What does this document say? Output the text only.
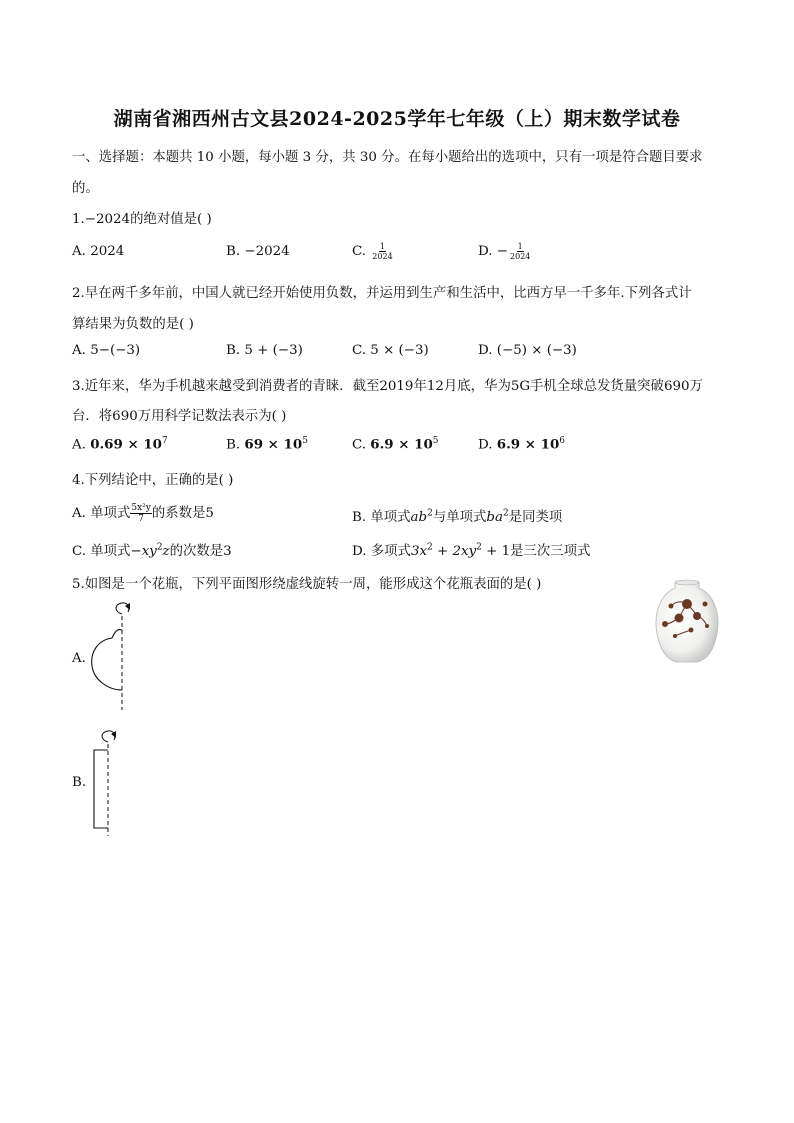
湖南省湘西州古文县2024-2025学年七年级（上）期末数学试卷
一、选择题：本题共 10 小题，每小题 3 分，共 30 分。在每小题给出的选项中，只有一项是符合题目要求
的。
1.−2024的绝对值是( )
A. 2024	B. −2024	C. $\frac{1}{2024}$	D. − $\frac{1}{2024}$
2.早在两千多年前，中国人就已经开始使用负数，并运用到生产和生活中，比西方早一千多年.下列各式计
算结果为负数的是( )
A. 5−(−3)	B. 5 + (−3)	C. 5 × (−3)	D. (−5) × (−3)
3.近年来，华为手机越来越受到消费者的青睐．截至2019年12月底，华为5G手机全球总发货量突破690万
台．将690万用科学记数法表示为( )
A. $0.69 \times 10^7$	B. $69 \times 10^5$	C. $6.9 \times 10^5$	D. $6.9 \times 10^6$
4.下列结论中，正确的是( )
A. 单项式 $\frac{\text{5x²y}}{7}$ 的系数是5	B. 单项式$ab^2$与单项式$ba^2$是同类项
C. 单项式$-xy^2z$的次数是3	D. 多项式$3x^2 + 2xy^2 + 1$是三次三项式
5.如图是一个花瓶，下列平面图形绕虚线旋转一周，能形成这个花瓶表面的是( )
A.
B.
